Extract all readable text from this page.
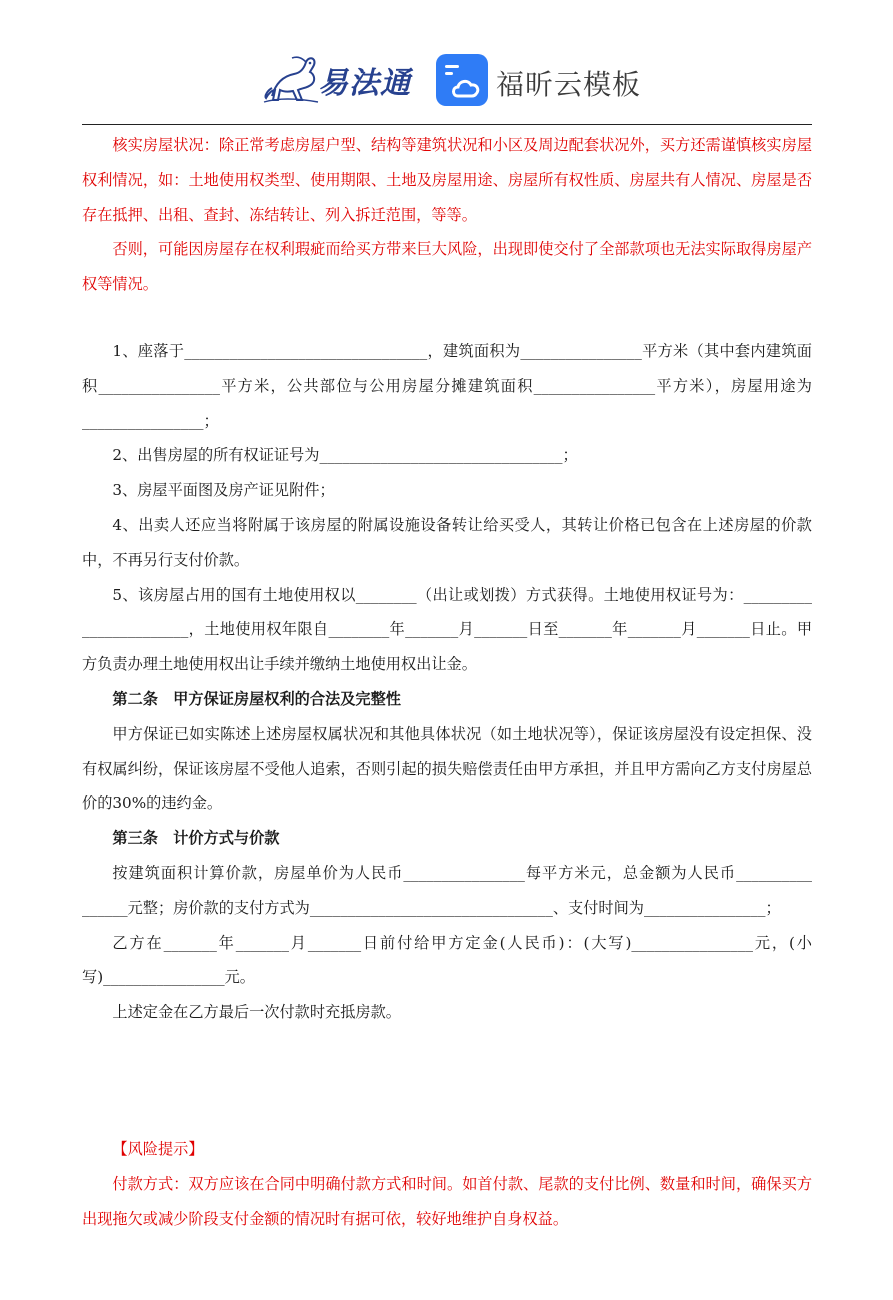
易法通	福昕云模板

核实房屋状况：除正常考虑房屋户型、结构等建筑状况和小区及周边配套状况外，买方还需谨慎核实房屋权利情况，如：土地使用权类型、使用期限、土地及房屋用途、房屋所有权性质、房屋共有人情况、房屋是否存在抵押、出租、查封、冻结转让、列入拆迁范围，等等。

否则，可能因房屋存在权利瑕疵而给买方带来巨大风险，出现即使交付了全部款项也无法实际取得房屋产权等情况。

1、座落于________________________________，建筑面积为________________平方米（其中套内建筑面积________________平方米，公共部位与公用房屋分摊建筑面积________________平方米），房屋用途为 ________________；

2、出售房屋的所有权证证号为________________________________；

3、房屋平面图及房产证见附件；

4、出卖人还应当将附属于该房屋的附属设施设备转让给买受人，其转让价格已包含在上述房屋的价款中，不再另行支付价款。

5、该房屋占用的国有土地使用权以________（出让或划拨）方式获得。土地使用权证号为：_________ ______________，土地使用权年限自________年_______月_______日至_______年_______月_______日止。甲方负责办理土地使用权出让手续并缴纳土地使用权出让金。

第二条　甲方保证房屋权利的合法及完整性

甲方保证已如实陈述上述房屋权属状况和其他具体状况（如土地状况等），保证该房屋没有设定担保、没有权属纠纷，保证该房屋不受他人追索，否则引起的损失赔偿责任由甲方承担，并且甲方需向乙方支付房屋总价的30%的违约金。

第三条　计价方式与价款

按建筑面积计算价款，房屋单价为人民币________________每平方米元，总金额为人民币__________ ______元整；房价款的支付方式为________________________________、支付时间为________________；

乙方在_______年_______月_______日前付给甲方定金(人民币)：(大写)________________元，(小写)________________元。

上述定金在乙方最后一次付款时充抵房款。

【风险提示】

付款方式：双方应该在合同中明确付款方式和时间。如首付款、尾款的支付比例、数量和时间，确保买方出现拖欠或减少阶段支付金额的情况时有据可依，较好地维护自身权益。
